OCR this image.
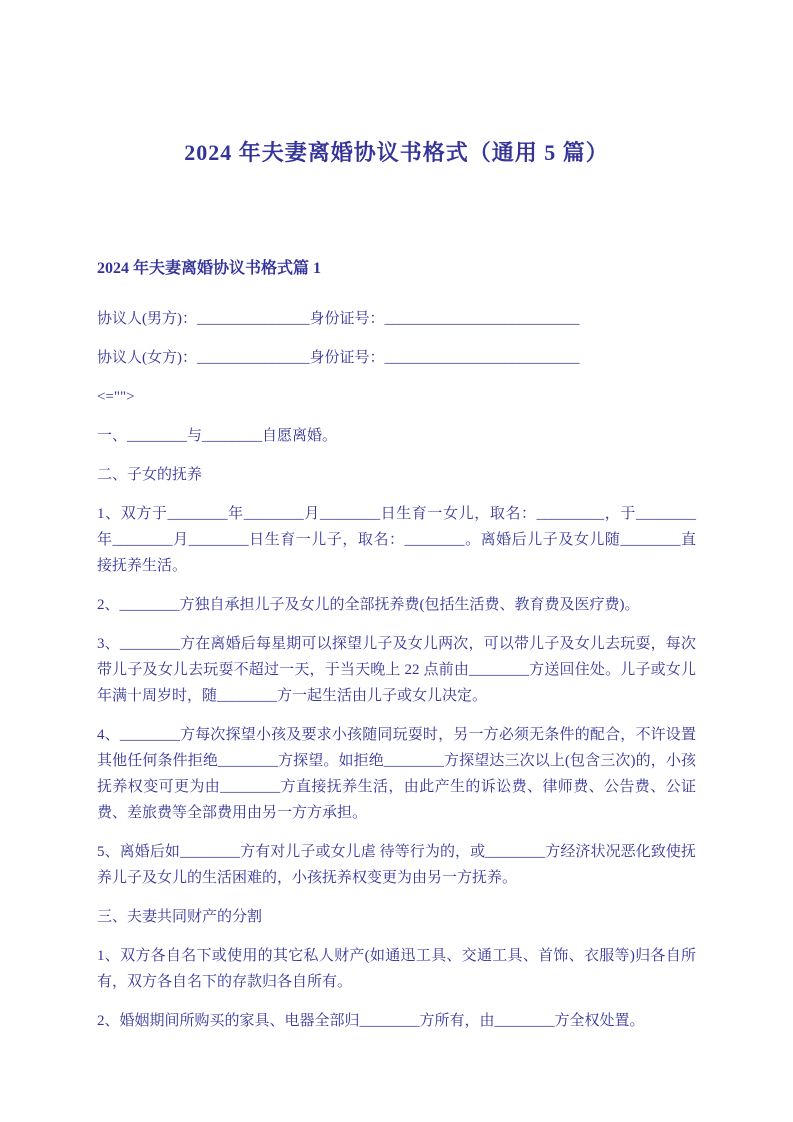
2024 年夫妻离婚协议书格式（通用 5 篇）
2024 年夫妻离婚协议书格式篇 1

协议人(男方)：_______________身份证号：__________________________

协议人(女方)：_______________身份证号：__________________________

<="">

一、________与________自愿离婚。

二、子女的抚养

1、双方于________年________月________日生育一女儿，取名：_________，于________年________月________日生育一儿子，取名：________。离婚后儿子及女儿随________直接抚养生活。

2、________方独自承担儿子及女儿的全部抚养费(包括生活费、教育费及医疗费)。

3、________方在离婚后每星期可以探望儿子及女儿两次，可以带儿子及女儿去玩耍，每次带儿子及女儿去玩耍不超过一天，于当天晚上 22 点前由________方送回住处。儿子或女儿年满十周岁时，随________方一起生活由儿子或女儿决定。

4、________方每次探望小孩及要求小孩随同玩耍时，另一方必须无条件的配合，不许设置其他任何条件拒绝________方探望。如拒绝________方探望达三次以上(包含三次)的，小孩抚养权变可更为由________方直接抚养生活，由此产生的诉讼费、律师费、公告费、公证费、差旅费等全部费用由另一方方承担。

5、离婚后如________方有对儿子或女儿虐 待等行为的，或________方经济状况恶化致使抚养儿子及女儿的生活困难的，小孩抚养权变更为由另一方抚养。

三、夫妻共同财产的分割

1、双方各自名下或使用的其它私人财产(如通迅工具、交通工具、首饰、衣服等)归各自所有，双方各自名下的存款归各自所有。

2、婚姻期间所购买的家具、电器全部归________方所有，由________方全权处置。
